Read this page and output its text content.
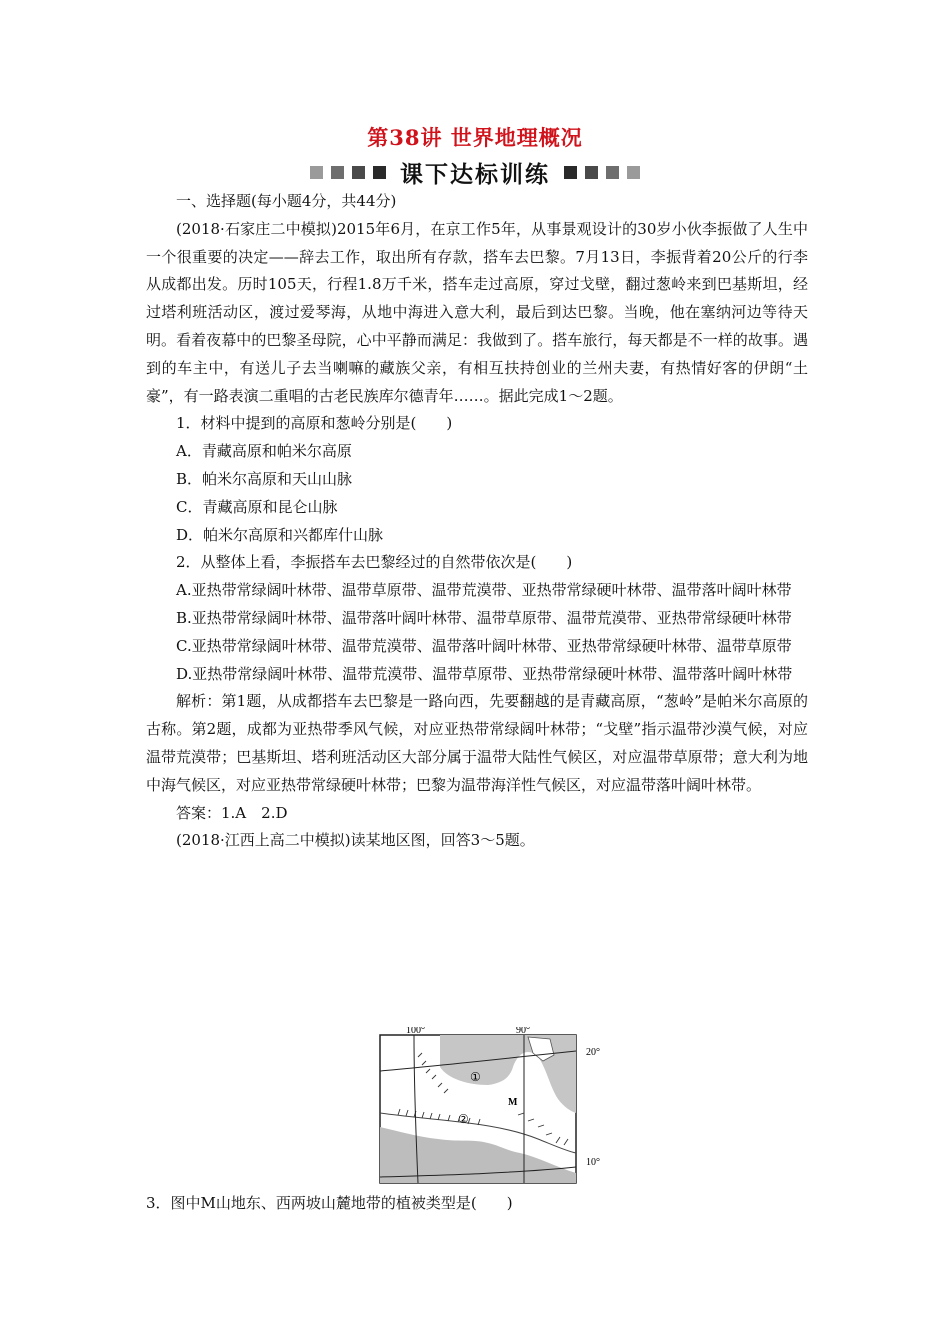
第38讲 世界地理概况
课下达标训练

一、选择题(每小题4分，共44分)

(2018·石家庄二中模拟)2015年6月，在京工作5年，从事景观设计的30岁小伙李振做了人生中一个很重要的决定——辞去工作，取出所有存款，搭车去巴黎。7月13日，李振背着20公斤的行李从成都出发。历时105天，行程1.8万千米，搭车走过高原，穿过戈壁，翻过葱岭来到巴基斯坦，经过塔利班活动区，渡过爱琴海，从地中海进入意大利，最后到达巴黎。当晚，他在塞纳河边等待天明。看着夜幕中的巴黎圣母院，心中平静而满足：我做到了。搭车旅行，每天都是不一样的故事。遇到的车主中，有送儿子去当喇嘛的藏族父亲，有相互扶持创业的兰州夫妻，有热情好客的伊朗“土豪”，有一路表演二重唱的古老民族库尔德青年……。据此完成1～2题。

1．材料中提到的高原和葱岭分别是(　　)

A．青藏高原和帕米尔高原

B．帕米尔高原和天山山脉

C．青藏高原和昆仑山脉

D．帕米尔高原和兴都库什山脉

2．从整体上看，李振搭车去巴黎经过的自然带依次是(　　)

A.亚热带常绿阔叶林带、温带草原带、温带荒漠带、亚热带常绿硬叶林带、温带落叶阔叶林带

B.亚热带常绿阔叶林带、温带落叶阔叶林带、温带草原带、温带荒漠带、亚热带常绿硬叶林带

C.亚热带常绿阔叶林带、温带荒漠带、温带落叶阔叶林带、亚热带常绿硬叶林带、温带草原带

D.亚热带常绿阔叶林带、温带荒漠带、温带草原带、亚热带常绿硬叶林带、温带落叶阔叶林带

解析：第1题，从成都搭车去巴黎是一路向西，先要翻越的是青藏高原，“葱岭”是帕米尔高原的古称。第2题，成都为亚热带季风气候，对应亚热带常绿阔叶林带；“戈壁”指示温带沙漠气候，对应温带荒漠带；巴基斯坦、塔利班活动区大部分属于温带大陆性气候区，对应温带草原带；意大利为地中海气候区，对应亚热带常绿硬叶林带；巴黎为温带海洋性气候区，对应温带落叶阔叶林带。

答案：1.A　2.D

(2018·江西上高二中模拟)读某地区图，回答3～5题。

100°	90°
20°
10°
①
②
M

3．图中M山地东、西两坡山麓地带的植被类型是(　　)
